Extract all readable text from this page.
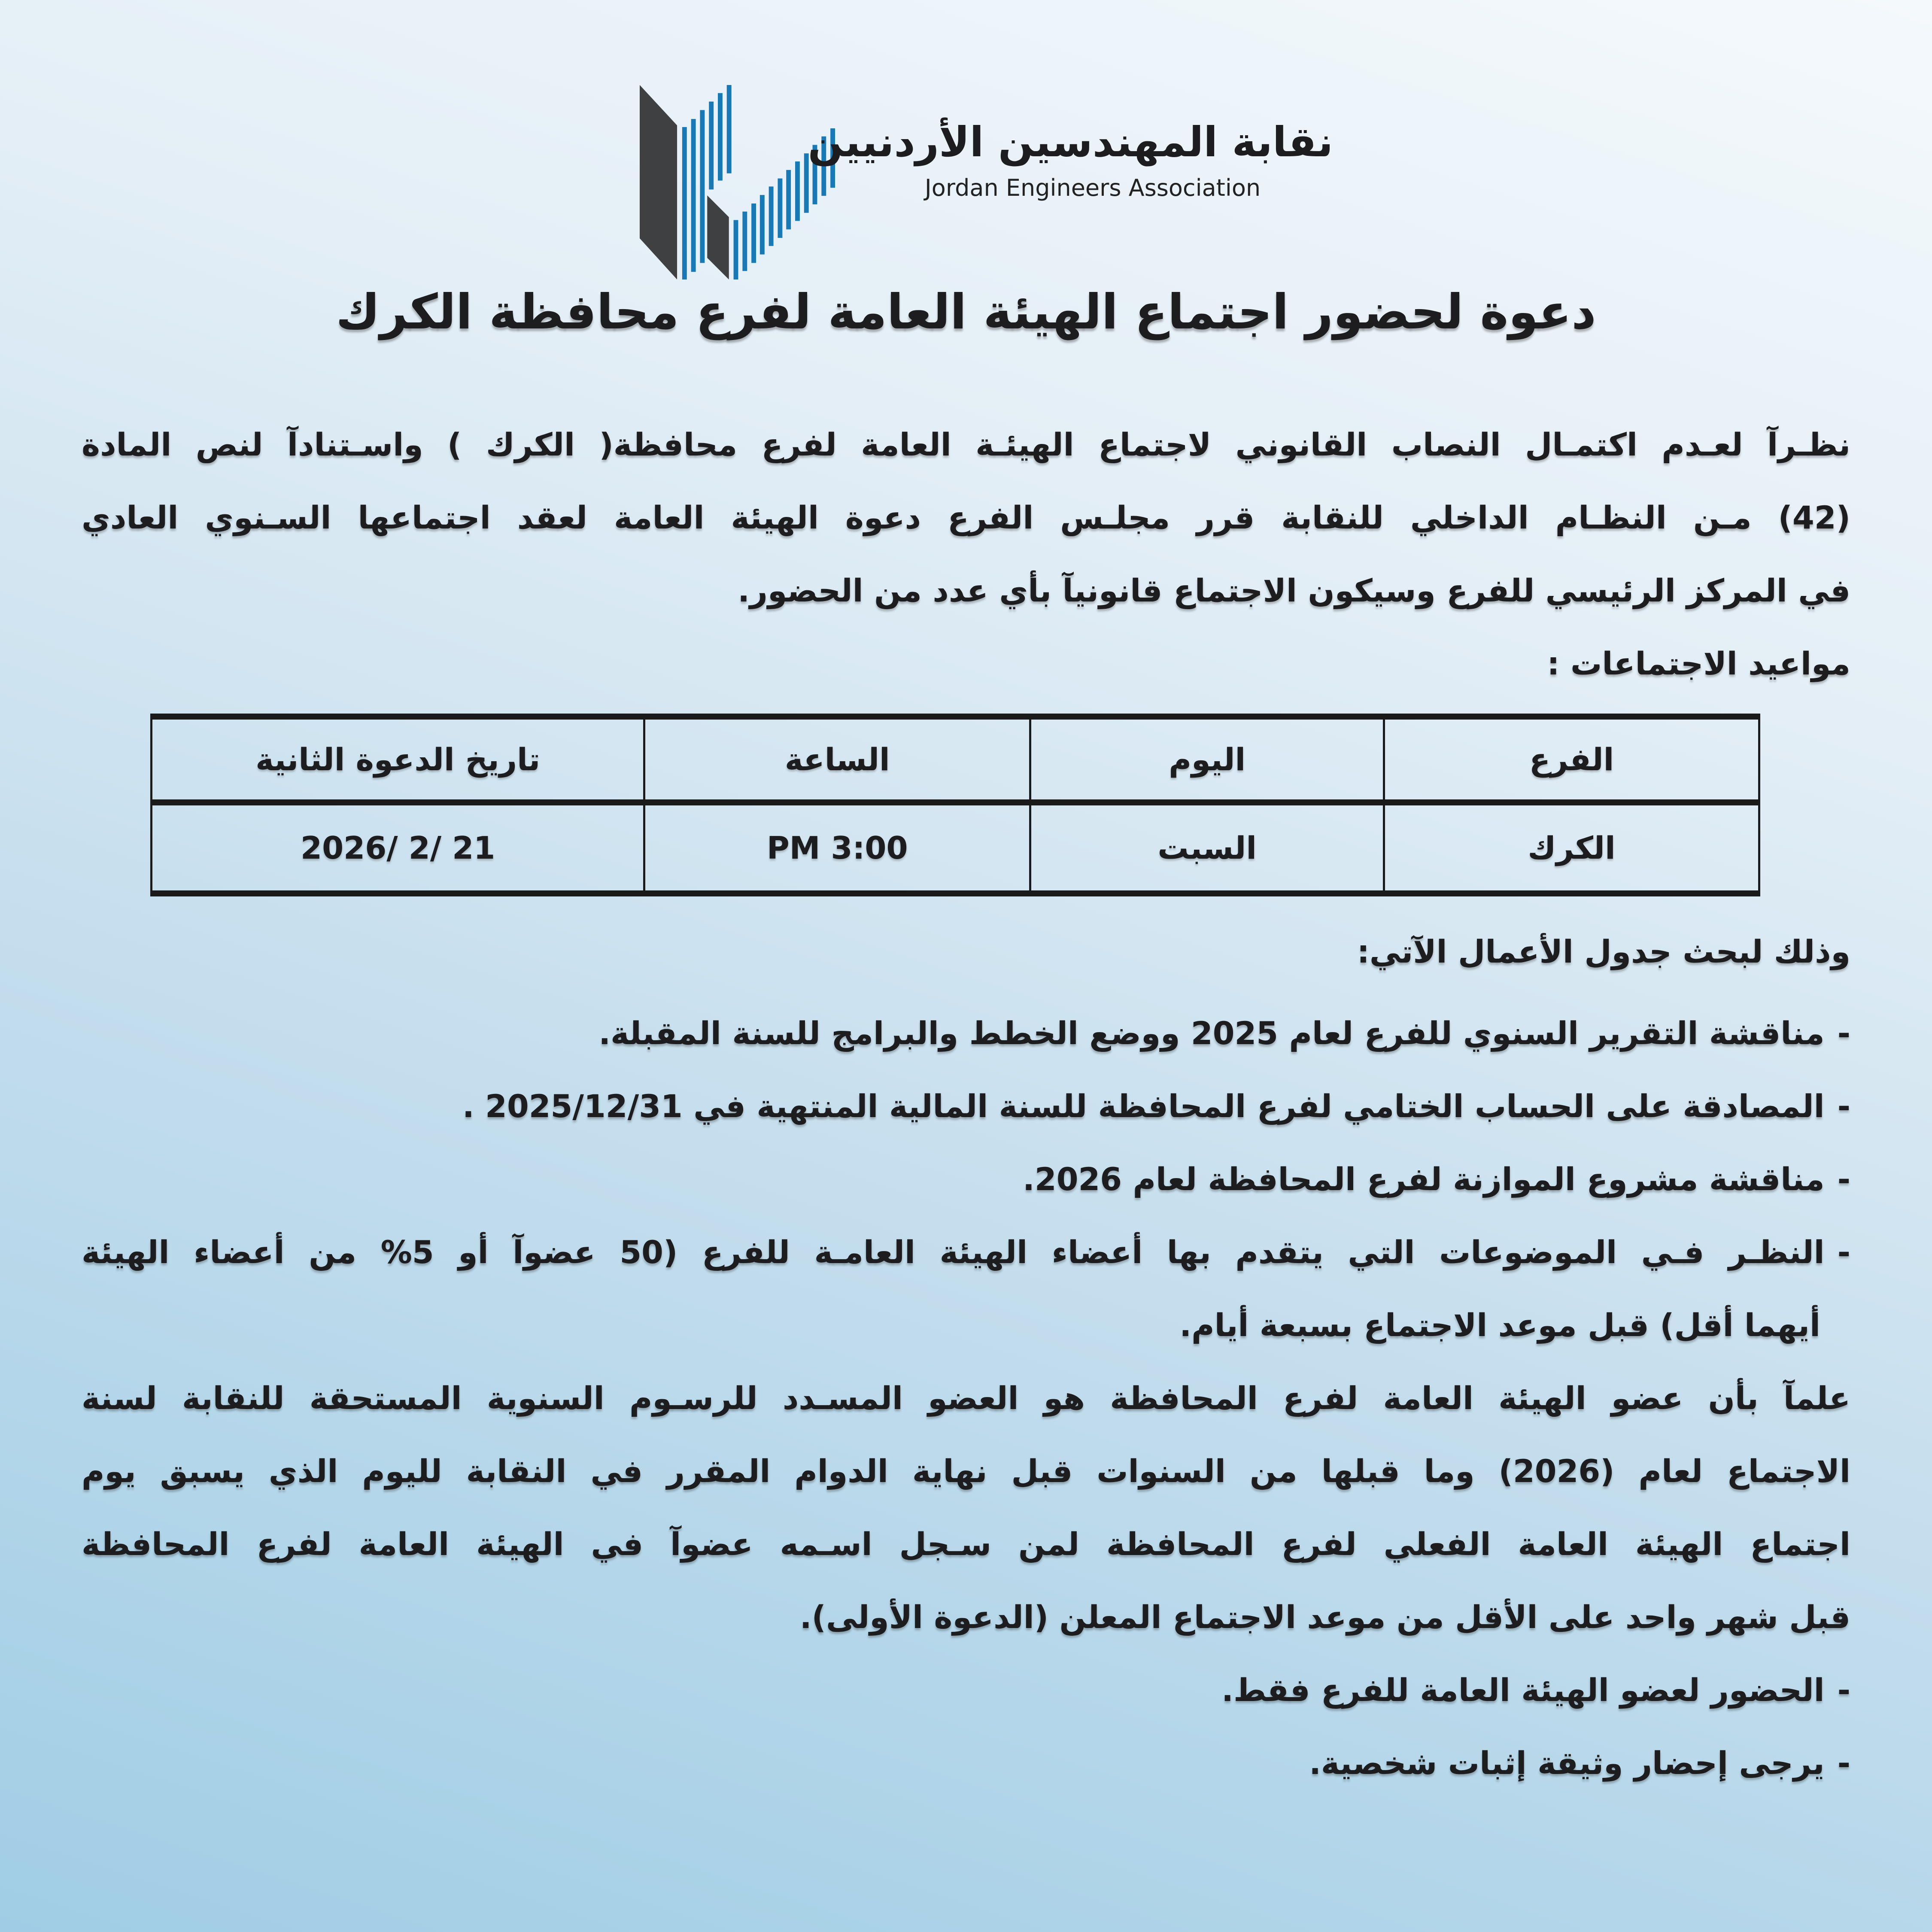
نقابة المهندسين الأردنيين
Jordan Engineers Association
دعوة لحضور اجتماع الهيئة العامة لفرع محافظة الكرك
نظـرآ لعـدم اكتمـال النصاب القانوني لاجتماع الهيئـة العامة لفرع محافظة( الكرك ) واسـتنادآ لنص المادة
(42) مـن النظـام الداخلي للنقابة قرر مجلـس الفرع دعوة الهيئة العامة لعقد اجتماعها السـنوي العادي
في المركز الرئيسي للفرع وسيكون الاجتماع قانونيآ بأي عدد من الحضور.
مواعيد الاجتماعات :
الفرع	اليوم	الساعة	تاريخ الدعوة الثانية
الكرك	السبت	PM 3:00	2026/ 2/ 21
وذلك لبحث جدول الأعمال الآتي:
-
مناقشة التقرير السنوي للفرع لعام 2025 ووضع الخطط والبرامج للسنة المقبلة.
-
المصادقة على الحساب الختامي لفرع المحافظة للسنة المالية المنتهية في 2025/12/31 .
-
مناقشة مشروع الموازنة لفرع المحافظة لعام 2026.
-
النظـر فـي الموضوعات التي يتقدم بها أعضاء الهيئة العامـة للفرع (50 عضوآ أو 5% من أعضاء الهيئة
أيهما أقل) قبل موعد الاجتماع بسبعة أيام.
علمآ بأن عضو الهيئة العامة لفرع المحافظة هو العضو المسـدد للرسـوم السنوية المستحقة للنقابة لسنة
الاجتماع لعام (2026) وما قبلها من السنوات قبل نهاية الدوام المقرر في النقابة لليوم الذي يسبق يوم
اجتماع الهيئة العامة الفعلي لفرع المحافظة لمن سـجل اسـمه عضوآ في الهيئة العامة لفرع المحافظة
قبل شهر واحد على الأقل من موعد الاجتماع المعلن (الدعوة الأولى).
-
الحضور لعضو الهيئة العامة للفرع فقط.
-
يرجى إحضار وثيقة إثبات شخصية.
